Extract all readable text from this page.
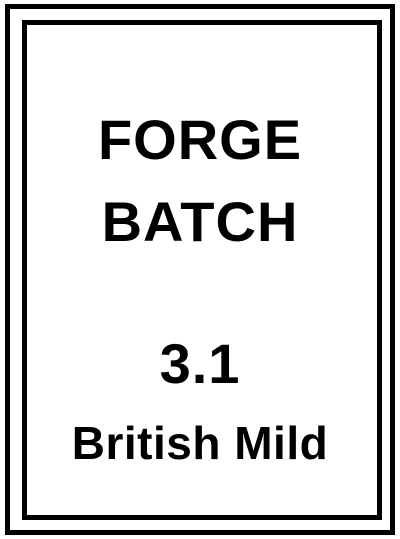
FORGE
BATCH
3.1
British Mild
